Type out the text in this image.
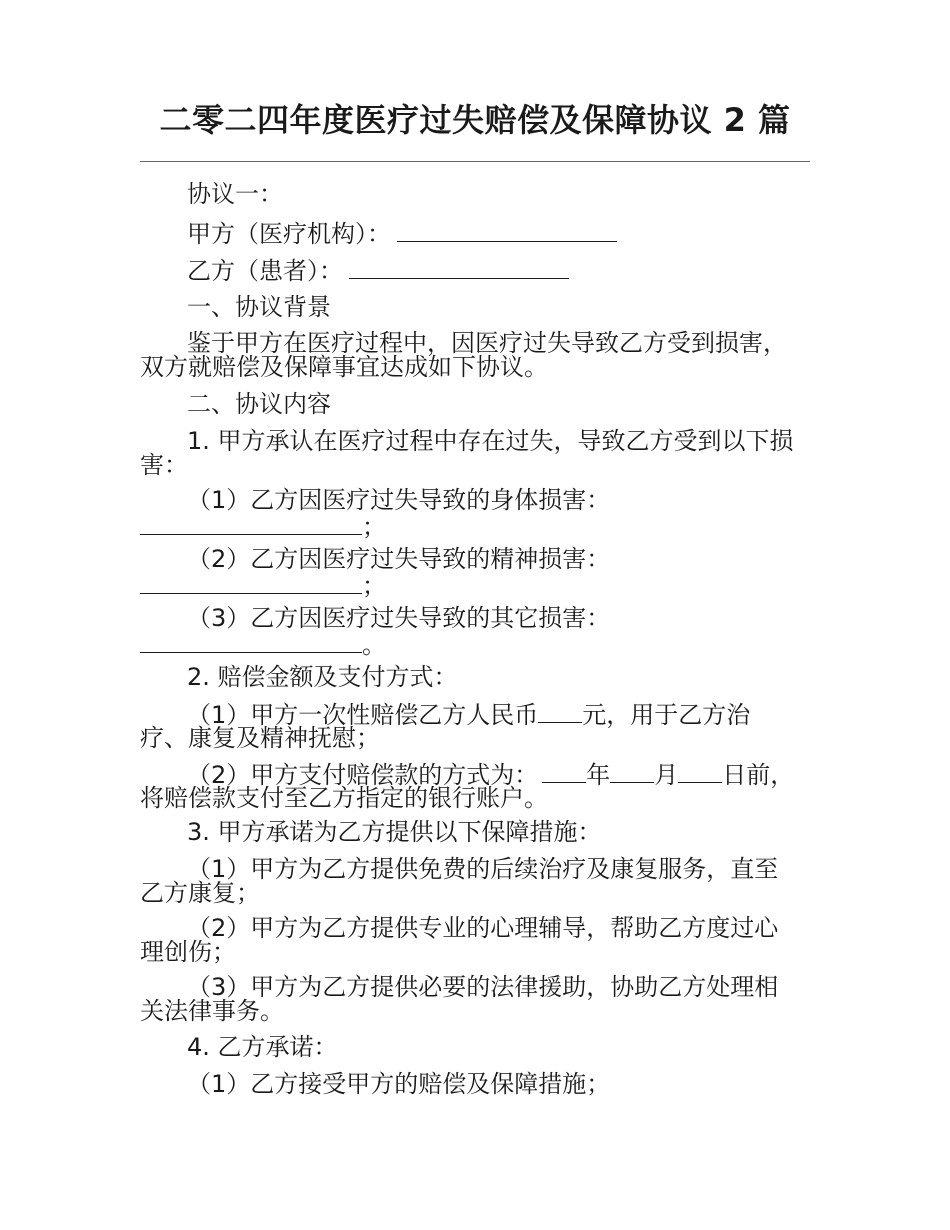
二零二四年度医疗过失赔偿及保障协议 2 篇

协议一：

甲方（医疗机构）：

乙方（患者）：

一、协议背景

鉴于甲方在医疗过程中，因医疗过失导致乙方受到损害，

双方就赔偿及保障事宜达成如下协议。

二、协议内容

1. 甲方承认在医疗过程中存在过失，导致乙方受到以下损

害：

（1）乙方因医疗过失导致的身体损害：

；

（2）乙方因医疗过失导致的精神损害：

；

（3）乙方因医疗过失导致的其它损害：

。

2. 赔偿金额及支付方式：

（1）甲方一次性赔偿乙方人民币 元，用于乙方治

疗、康复及精神抚慰；

（2）甲方支付赔偿款的方式为： 年 月 日前，

将赔偿款支付至乙方指定的银行账户。

3. 甲方承诺为乙方提供以下保障措施：

（1）甲方为乙方提供免费的后续治疗及康复服务，直至

乙方康复；

（2）甲方为乙方提供专业的心理辅导，帮助乙方度过心

理创伤；

（3）甲方为乙方提供必要的法律援助，协助乙方处理相

关法律事务。

4. 乙方承诺：

（1）乙方接受甲方的赔偿及保障措施；
